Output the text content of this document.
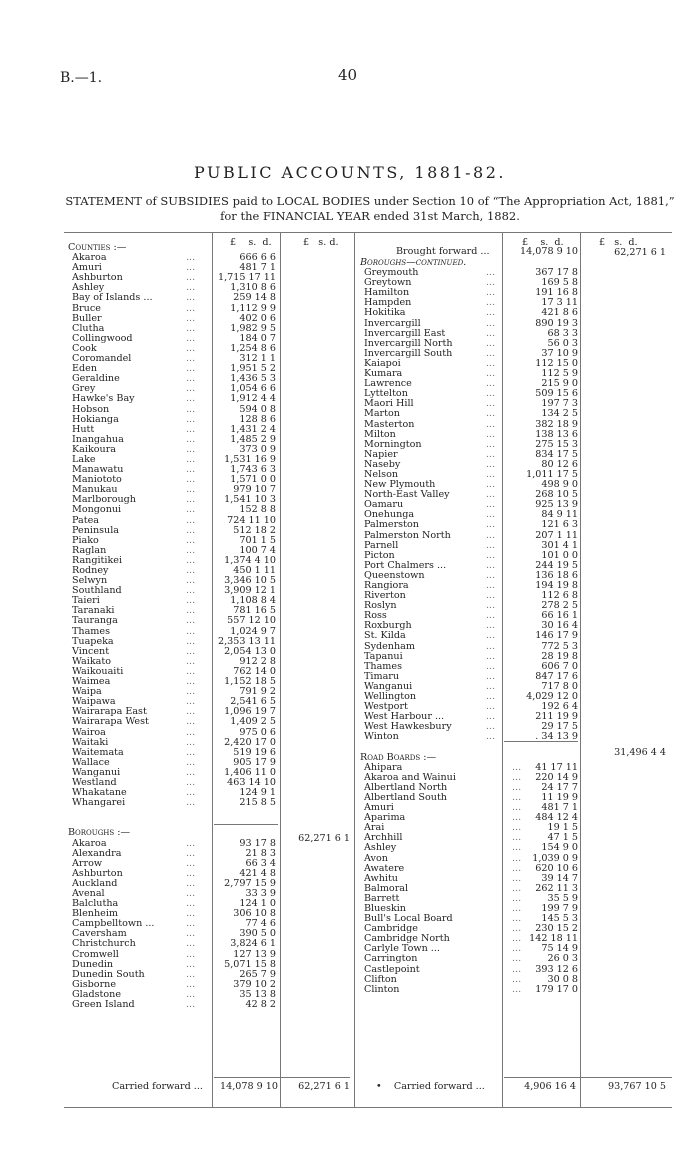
B.—1.	40
PUBLIC ACCOUNTS, 1881-82.
STATEMENT of SUBSIDIES paid to LOCAL BODIES under Section 10 of “The Appropriation Act, 1881,” for the FINANCIAL YEAR ended 31st March, 1882.
£ s. d.	£ s. d.	£ s. d.	£ s. d.
Counties :—
Akaroa	...	666 6 6
Amuri	...	481 7 1
Ashburton	... 1,715 17 11
Ashley	...	1,310 8 6
Bay of Islands ...	...	259 14 8
Bruce	...	1,112 9 9
Buller	...	402 0 6
Clutha	...	1,982 9 5
Collingwood	...	184 0 7
Cook	...	1,254 8 6
Coromandel	...	312 1 1
Eden	...	1,951 5 2
Geraldine	...	1,436 5 3
Grey	...	1,054 6 6
Hawke's Bay	...	1,912 4 4
Hobson	...	594 0 8
Hokianga	...	128 8 6
Hutt	...	1,431 2 4
Inangahua	...	1,485 2 9
Kaikoura	...	373 0 9
Lake	...	1,531 16 9
Manawatu	...	1,743 6 3
Maniototo	...	1,571 0 0
Manukau	...	979 10 7
Marlborough	...	1,541 10 3
Mongonui	...	152 8 8
Patea	...	724 11 10
Peninsula	...	512 18 2
Piako	...	701 1 5
Raglan	...	100 7 4
Rangitikei	...	1,374 4 10
Rodney	...	450 1 11
Selwyn	...	3,346 10 5
Southland	...	3,909 12 1
Taieri	...	1,108 8 4
Taranaki	...	781 16 5
Tauranga	...	557 12 10
Thames	...	1,024 9 7
Tuapeka	... 2,353 13 11
Vincent	...	2,054 13 0
Waikato	...	912 2 8
Waikouaiti	...	762 14 0
Waimea	...	1,152 18 5
Waipa	...	791 9 2
Waipawa	...	2,541 6 5
Wairarapa East	...	1,096 19 7
Wairarapa West	...	1,409 2 5
Wairoa	...	975 0 6
Waitaki	...	2,420 17 0
Waitemata	...	519 19 6
Wallace	...	905 17 9
Wanganui	...	1,406 11 0
Westland	...	463 14 10
Whakatane	...	124 9 1
Whangarei	...	215 8 5
Boroughs :—
Akaroa	...	93 17 8
Alexandra	...	21 8 3
Arrow	...	66 3 4
Ashburton	...	421 4 8
Auckland	...	2,797 15 9
Avenal	...	33 3 9
Balclutha	...	124 1 0
Blenheim	...	306 10 8
Campbelltown ...	...	77 4 6
Caversham	...	390 5 0
Christchurch	...	3,824 6 1
Cromwell	...	127 13 9
Dunedin	...	5,071 15 8
Dunedin South	...	265 7 9
Gisborne	...	379 10 2
Gladstone	...	35 13 8
Green Island	...	42 8 2
62,271 6 1
Carried forward ...	14,078 9 10	62,271 6 1
Brought forward ...	14,078 9 10	62,271 6 1
Boroughs—continued.
Greymouth	...	367 17 8
Greytown	...	169 5 8
Hamilton	...	191 16 8
Hampden	...	17 3 11
Hokitika	...	421 8 6
Invercargill	...	890 19 3
Invercargill East	...	68 3 3
Invercargill North	...	56 0 3
Invercargill South	...	37 10 9
Kaiapoi	...	112 15 0
Kumara	...	112 5 9
Lawrence	...	215 9 0
Lyttelton	...	509 15 6
Maori Hill	...	197 7 3
Marton	...	134 2 5
Masterton	...	382 18 9
Milton	...	138 13 6
Mornington	...	275 15 3
Napier	...	834 17 5
Naseby	...	80 12 6
Nelson	...	1,011 17 5
New Plymouth	...	498 9 0
North-East Valley	...	268 10 5
Oamaru	...	925 13 9
Onehunga	...	84 9 11
Palmerston	...	121 6 3
Palmerston North	...	207 1 11
Parnell	...	301 4 1
Picton	...	101 0 0
Port Chalmers ...	...	244 19 5
Queenstown	...	136 18 6
Rangiora	...	194 19 8
Riverton	...	112 6 8
Roslyn	...	278 2 5
Ross	...	66 16 1
Roxburgh	...	30 16 4
St. Kilda	...	146 17 9
Sydenham	...	772 5 3
Tapanui	...	28 19 8
Thames	...	606 7 0
Timaru	...	847 17 6
Wanganui	...	717 8 0
Wellington	...	4,029 12 0
Westport	...	192 6 4
West Harbour ...	...	211 19 9
West Hawkesbury	...	29 17 5
Winton	...	. 34 13 9
Road Boards :—
Ahipara	... 41 17 11
Akaroa and Wainui	... 220 14 9
Albertland North	... 24 17 7
Albertland South	... 11 19 9
Amuri	... 481 7 1
Aparima	... 484 12 4
Arai	...	19 1 5
Archhill	...	47 1 5
Ashley	... 154 9 0
Avon	... 1,039 0 9
Awatere	... 620 10 6
Awhitu	... 39 14 7
Balmoral	... 262 11 3
Barrett	...	35 5 9
Blueskin	... 199 7 9
Bull's Local Board	... 145 5 3
Cambridge	... 230 15 2
Cambridge North	... 142 18 11
Carlyle Town ...	... 75 14 9
Carrington	...	26 0 3
Castlepoint	... 393 12 6
Clifton	...	30 0 8
Clinton	... 179 17 0
31,496 4 4
•    Carried forward ...	4,906 16 4	93,767 10 5
